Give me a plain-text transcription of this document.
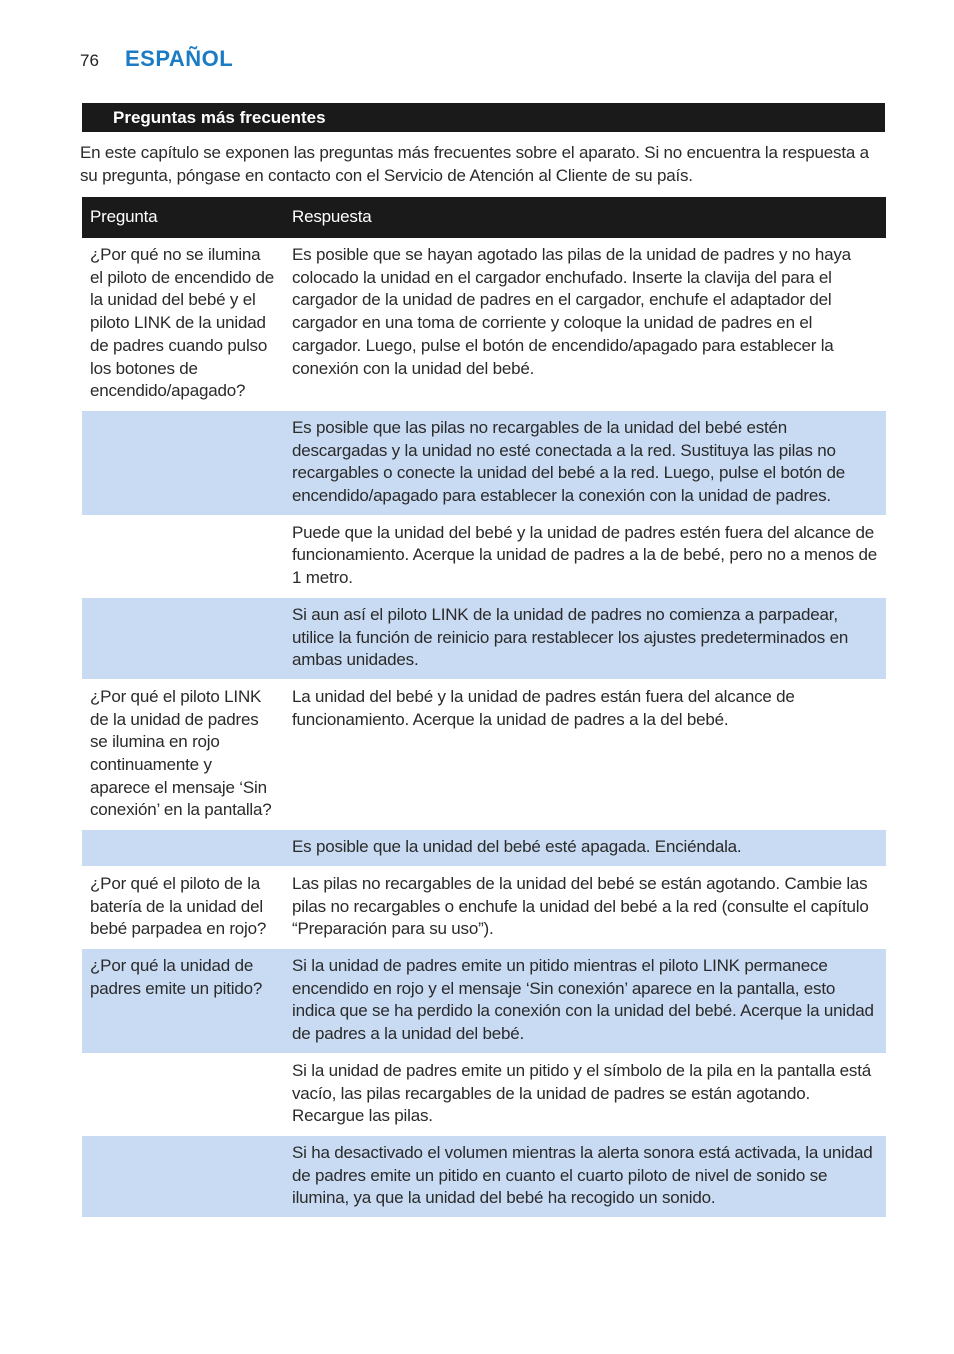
76 ESPAÑOL
Preguntas más frecuentes

En este capítulo se exponen las preguntas más frecuentes sobre el aparato. Si no encuentra la respuesta a su pregunta, póngase en contacto con el Servicio de Atención al Cliente de su país.

Pregunta	Respuesta
¿Por qué no se ilumina el piloto de encendido de la unidad del bebé y el piloto LINK de la unidad de padres cuando pulso los botones de encendido/apagado?	Es posible que se hayan agotado las pilas de la unidad de padres y no haya colocado la unidad en el cargador enchufado. Inserte la clavija del para el cargador de la unidad de padres en el cargador, enchufe el adaptador del cargador en una toma de corriente y coloque la unidad de padres en el cargador. Luego, pulse el botón de encendido/apagado para establecer la conexión con la unidad del bebé.
	Es posible que las pilas no recargables de la unidad del bebé estén descargadas y la unidad no esté conectada a la red. Sustituya las pilas no recargables o conecte la unidad del bebé a la red. Luego, pulse el botón de encendido/apagado para establecer la conexión con la unidad de padres.
	Puede que la unidad del bebé y la unidad de padres estén fuera del alcance de funcionamiento. Acerque la unidad de padres a la de bebé, pero no a menos de 1 metro.
	Si aun así el piloto LINK de la unidad de padres no comienza a parpadear, utilice la función de reinicio para restablecer los ajustes predeterminados en ambas unidades.
¿Por qué el piloto LINK de la unidad de padres se ilumina en rojo continuamente y aparece el mensaje ‘Sin conexión’ en la pantalla?	La unidad del bebé y la unidad de padres están fuera del alcance de funcionamiento. Acerque la unidad de padres a la del bebé.
	Es posible que la unidad del bebé esté apagada. Enciéndala.
¿Por qué el piloto de la batería de la unidad del bebé parpadea en rojo?	Las pilas no recargables de la unidad del bebé se están agotando. Cambie las pilas no recargables o enchufe la unidad del bebé a la red (consulte el capítulo “Preparación para su uso”).
¿Por qué la unidad de padres emite un pitido?	Si la unidad de padres emite un pitido mientras el piloto LINK permanece encendido en rojo y el mensaje ‘Sin conexión’ aparece en la pantalla, esto indica que se ha perdido la conexión con la unidad del bebé. Acerque la unidad de padres a la unidad del bebé.
	Si la unidad de padres emite un pitido y el símbolo de la pila en la pantalla está vacío, las pilas recargables de la unidad de padres se están agotando. Recargue las pilas.
	Si ha desactivado el volumen mientras la alerta sonora está activada, la unidad de padres emite un pitido en cuanto el cuarto piloto de nivel de sonido se ilumina, ya que la unidad del bebé ha recogido un sonido.
